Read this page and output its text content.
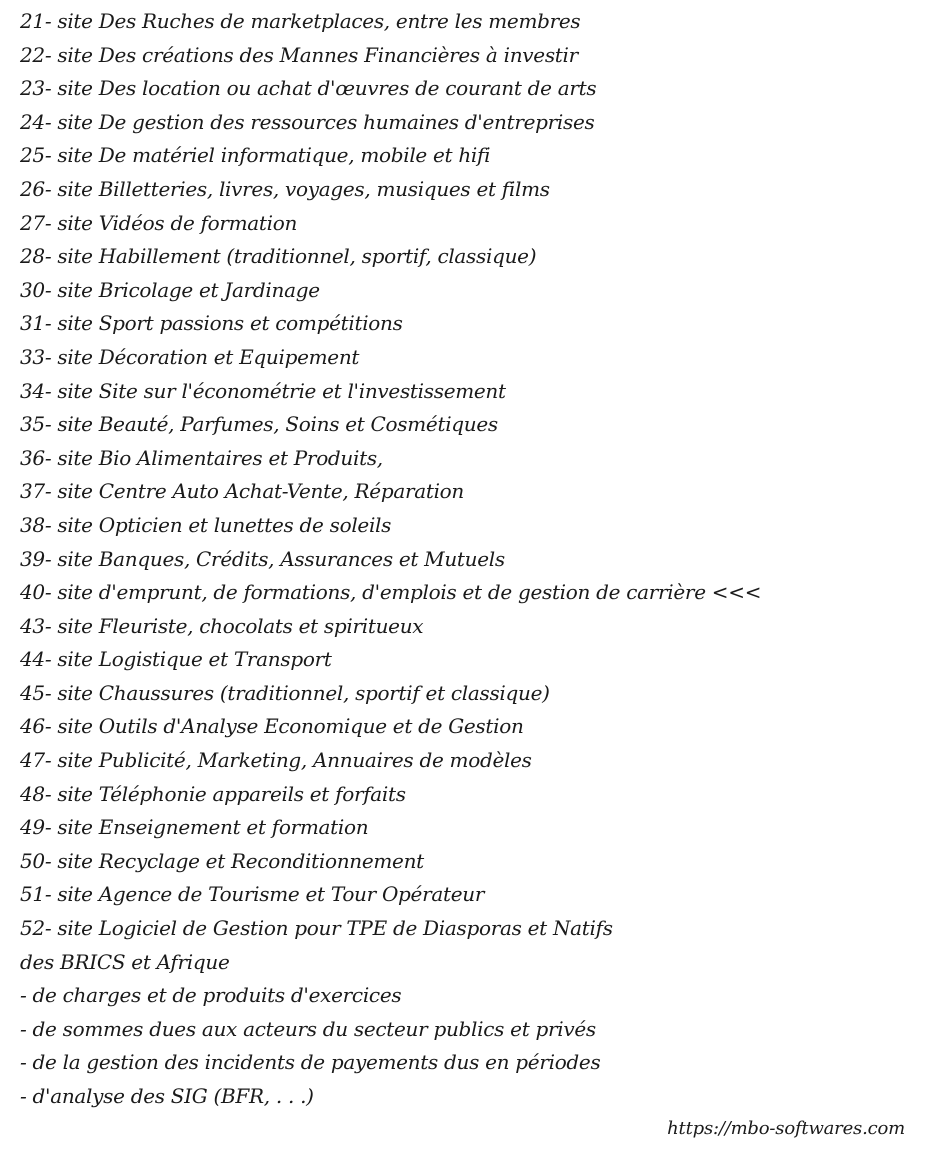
21- site Des Ruches de marketplaces, entre les membres
22- site Des créations des Mannes Financières à investir
23- site Des location ou achat d'œuvres de courant de arts
24- site De gestion des ressources humaines d'entreprises
25- site De matériel informatique, mobile et hifi
26- site Billetteries, livres, voyages, musiques et films
27- site Vidéos de formation
28- site Habillement (traditionnel, sportif, classique)
30- site Bricolage et Jardinage
31- site Sport passions et compétitions
33- site Décoration et Equipement
34- site Site sur l'économétrie et l'investissement
35- site Beauté, Parfumes, Soins et Cosmétiques
36- site Bio Alimentaires et Produits,
37- site Centre Auto Achat-Vente, Réparation
38- site Opticien et lunettes de soleils
39- site Banques, Crédits, Assurances et Mutuels
40- site d'emprunt, de formations, d'emplois et de gestion de carrière <<<
43- site Fleuriste, chocolats et spiritueux
44- site Logistique et Transport
45- site Chaussures (traditionnel, sportif et classique)
46- site Outils d'Analyse Economique et de Gestion
47- site Publicité, Marketing, Annuaires de modèles
48- site Téléphonie appareils et forfaits
49- site Enseignement et formation
50- site Recyclage et Reconditionnement
51- site Agence de Tourisme et Tour Opérateur
52- site Logiciel de Gestion pour TPE de Diasporas et Natifs
des BRICS et Afrique
- de charges et de produits d'exercices
- de sommes dues aux acteurs du secteur publics et privés
- de la gestion des incidents de payements dus en périodes
- d'analyse des SIG (BFR, . . .)
https://mbo-softwares.com
